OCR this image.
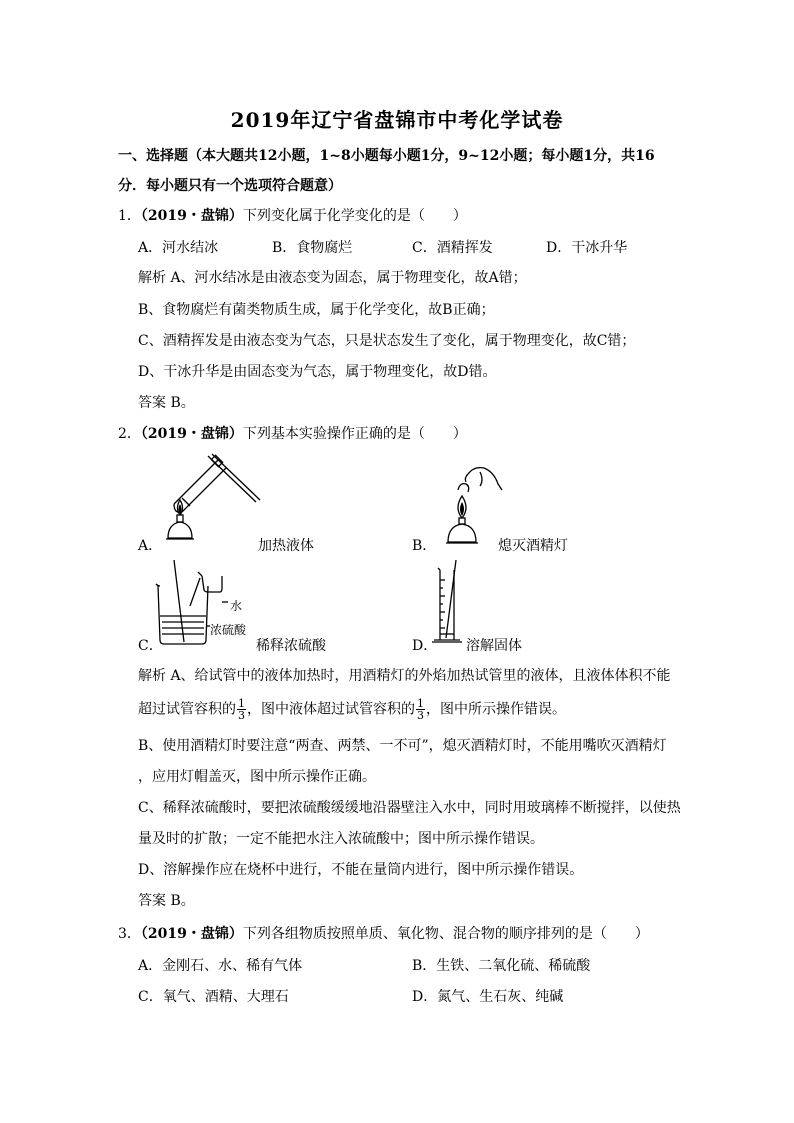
2019年辽宁省盘锦市中考化学试卷
一、选择题（本大题共12小题，1~8小题每小题1分，9~12小题；每小题1分，共16
分．每小题只有一个选项符合题意）
1．（2019・盘锦）下列变化属于化学变化的是（　　）
A．河水结冰	B．食物腐烂	C．酒精挥发	D．干冰升华
解析 A、河水结冰是由液态变为固态，属于物理变化，故A错；
B、食物腐烂有菌类物质生成，属于化学变化，故B正确；
C、酒精挥发是由液态变为气态，只是状态发生了变化，属于物理变化，故C错；
D、干冰升华是由固态变为气态，属于物理变化，故D错。
答案 B。
2．（2019・盘锦）下列基本实验操作正确的是（　　）
A．	加热液体	B．	熄灭酒精灯
水
浓硫酸
C．	稀释浓硫酸	D． 溶解固体
解析 A、给试管中的液体加热时，用酒精灯的外焰加热试管里的液体，且液体体积不能
超过试管容积的 $\frac{1}{3}$ ，图中液体超过试管容积的 $\frac{1}{3}$ ，图中所示操作错误。
B、使用酒精灯时要注意“两查、两禁、一不可”，熄灭酒精灯时，不能用嘴吹灭酒精灯
，应用灯帽盖灭，图中所示操作正确。
C、稀释浓硫酸时，要把浓硫酸缓缓地沿器壁注入水中，同时用玻璃棒不断搅拌，以使热
量及时的扩散；一定不能把水注入浓硫酸中；图中所示操作错误。
D、溶解操作应在烧杯中进行，不能在量筒内进行，图中所示操作错误。
答案 B。
3．（2019・盘锦）下列各组物质按照单质、氧化物、混合物的顺序排列的是（　　）
A．金刚石、水、稀有气体	B．生铁、二氧化硫、稀硫酸
C．氧气、酒精、大理石	D．氮气、生石灰、纯碱
